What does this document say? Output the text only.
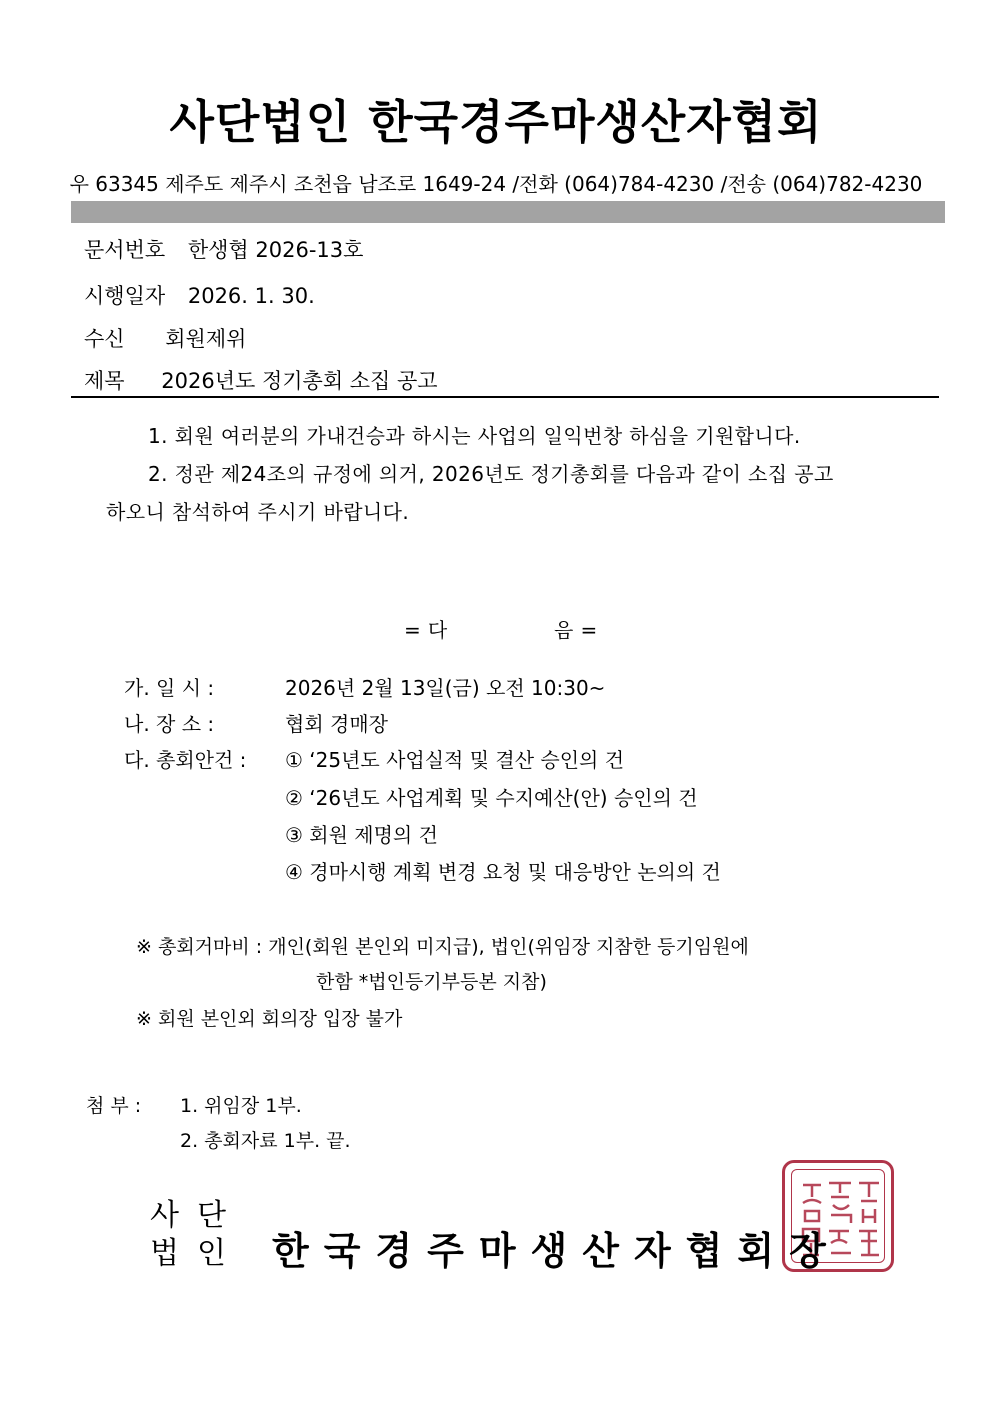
사단법인 한국경주마생산자협회
우 63345 제주도 제주시 조천읍 남조로 1649-24 /전화 (064)784-4230 /전송 (064)782-4230
문서번호 한생협 2026-13호
시행일자 2026. 1. 30.
수신 회원제위
제목 2026년도 정기총회 소집 공고
1. 회원 여러분의 가내건승과 하시는 사업의 일익번창 하심을 기원합니다.
2. 정관 제24조의 규정에 의거, 2026년도 정기총회를 다음과 같이 소집 공고
하오니 참석하여 주시기 바랍니다.
= 다	음 =
가. 일 시 :	2026년 2월 13일(금) 오전 10:30~
나. 장 소 :	협회 경매장
다. 총회안건 : ① ‘25년도 사업실적 및 결산 승인의 건
② ‘26년도 사업계획 및 수지예산(안) 승인의 건
③ 회원 제명의 건
④ 경마시행 계획 변경 요청 및 대응방안 논의의 건
※ 총회거마비 : 개인(회원 본인외 미지급), 법인(위임장 지참한 등기임원에
한함 *법인등기부등본 지참)
※ 회원 본인외 회의장 입장 불가
첨 부 : 1. 위임장 1부.
2. 총회자료 1부. 끝.
사단
법인 한국경주마생산자협회장
